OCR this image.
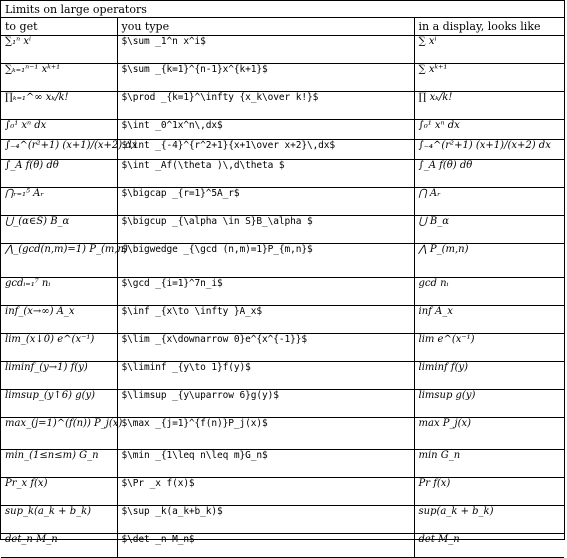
Limits on large operators
to get	you type	in a display, looks like
∑₁ⁿ xⁱ	$\sum _1^n x^i$	∑ xⁱ
∑ₖ₌₁ⁿ⁻¹ xᵏ⁺¹	$\sum _{k=1}^{n-1}x^{k+1}$	∑ xᵏ⁺¹
∏ₖ₌₁^∞ xₖ/k!	$\prod _{k=1}^\infty {x_k\over k!}$	∏ xₖ/k!
∫₀¹ xⁿ dx	$\int _0^1x^n\,dx$	∫₀¹ xⁿ dx
∫₋₄^(r²+1) (x+1)/(x+2) dx	$\int _{-4}^{r^2+1}{x+1\over x+2}\,dx$	∫₋₄^(r²+1) (x+1)/(x+2) dx
∫_A f(θ) dθ	$\int _Af(\theta )\,d\theta $	∫_A f(θ) dθ
⋂ᵣ₌₁⁵ Aᵣ	$\bigcap _{r=1}^5A_r$	⋂ Aᵣ
⋃_(α∈S) B_α	$\bigcup _{\alpha \in S}B_\alpha $	⋃ B_α
⋀_(gcd(n,m)=1) P_(m,n)	$\bigwedge _{\gcd (n,m)=1}P_{m,n}$	⋀ P_(m,n)
gcdᵢ₌₁⁷ nᵢ	$\gcd _{i=1}^7n_i$	gcd nᵢ
inf_(x→∞) A_x	$\inf _{x\to \infty }A_x$	inf A_x
lim_(x↓0) e^(x⁻¹)	$\lim _{x\downarrow 0}e^{x^{-1}}$	lim e^(x⁻¹)
liminf_(y→1) f(y)	$\liminf _{y\to 1}f(y)$	liminf f(y)
limsup_(y↑6) g(y)	$\limsup _{y\uparrow 6}g(y)$	limsup g(y)
max_(j=1)^(f(n)) P_j(x)	$\max _{j=1}^{f(n)}P_j(x)$	max P_j(x)
min_(1≤n≤m) G_n	$\min _{1\leq n\leq m}G_n$	min G_n
Pr_x f(x)	$\Pr _x f(x)$	Pr f(x)
sup_k(a_k + b_k)	$\sup _k(a_k+b_k)$	sup(a_k + b_k)
det_n M_n	$\det _n M_n$	det M_n
